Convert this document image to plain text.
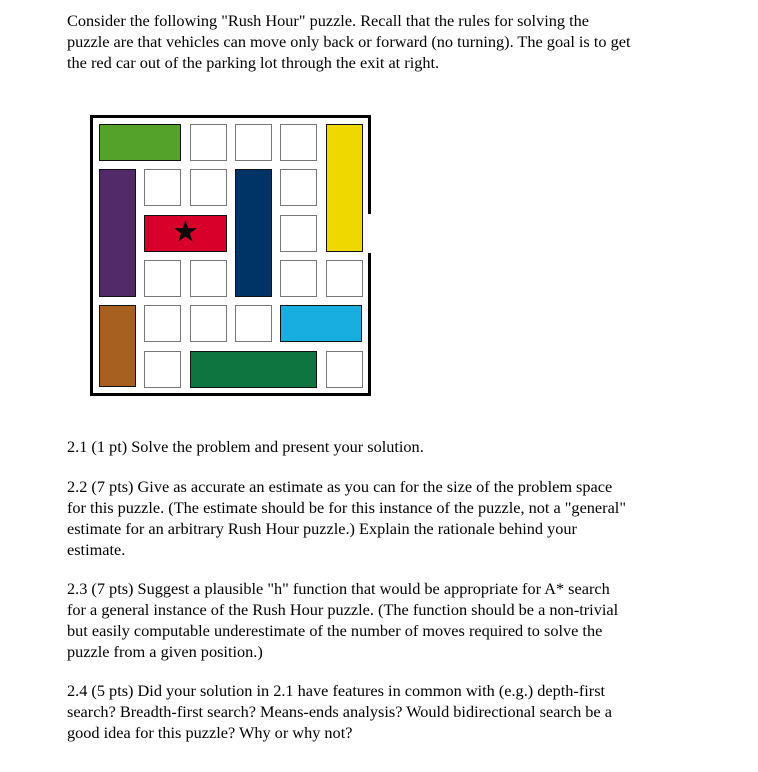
Consider the following "Rush Hour" puzzle. Recall that the rules for solving the
puzzle are that vehicles can move only back or forward (no turning). The goal is to get
the red car out of the parking lot through the exit at right.
★
2.1 (1 pt) Solve the problem and present your solution.
2.2 (7 pts) Give as accurate an estimate as you can for the size of the problem space
for this puzzle. (The estimate should be for this instance of the puzzle, not a "general"
estimate for an arbitrary Rush Hour puzzle.) Explain the rationale behind your
estimate.
2.3 (7 pts) Suggest a plausible "h" function that would be appropriate for A* search
for a general instance of the Rush Hour puzzle. (The function should be a non-trivial
but easily computable underestimate of the number of moves required to solve the
puzzle from a given position.)
2.4 (5 pts) Did your solution in 2.1 have features in common with (e.g.) depth-first
search? Breadth-first search? Means-ends analysis? Would bidirectional search be a
good idea for this puzzle? Why or why not?
